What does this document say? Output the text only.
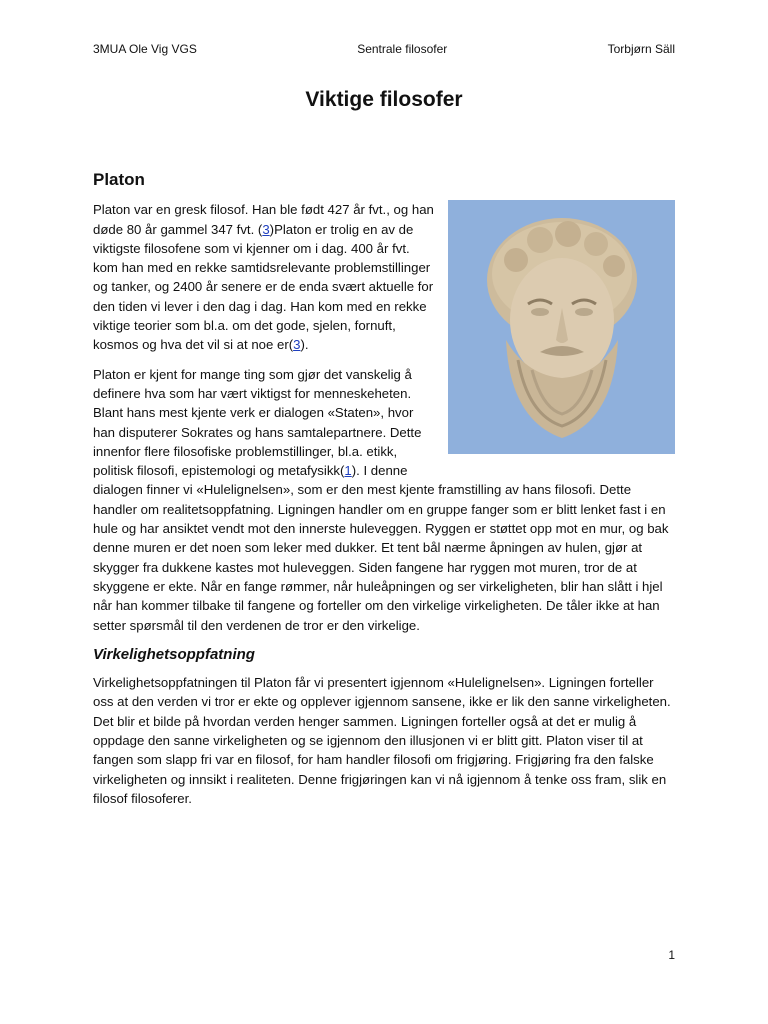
3MUA Ole Vig VGS	Sentrale filosofer	Torbjørn Säll
Viktige filosofer
Platon

Platon var en gresk filosof. Han ble født 427 år fvt., og han døde 80 år gammel 347 fvt. (3)Platon er trolig en av de viktigste filosofene som vi kjenner om i dag. 400 år fvt. kom han med en rekke samtidsrelevante problemstillinger og tanker, og 2400 år senere er de enda svært aktuelle for den tiden vi lever i den dag i dag. Han kom med en rekke viktige teorier som bl.a. om det gode, sjelen, fornuft, kosmos og hva det vil si at noe er(3).

Platon er kjent for mange ting som gjør det vanskelig å definere hva som har vært viktigst for menneskeheten. Blant hans mest kjente verk er dialogen «Staten», hvor han disputerer Sokrates og hans samtalepartnere. Dette innenfor flere filosofiske problemstillinger, bl.a. etikk, politisk filosofi, epistemologi og metafysikk(1). I denne dialogen finner vi «Hulelignelsen», som er den mest kjente framstilling av hans filosofi. Dette handler om realitetsoppfatning. Ligningen handler om en gruppe fanger som er blitt lenket fast i en hule og har ansiktet vendt mot den innerste huleveggen. Ryggen er støttet opp mot en mur, og bak denne muren er det noen som leker med dukker. Et tent bål nærme åpningen av hulen, gjør at skygger fra dukkene kastes mot huleveggen. Siden fangene har ryggen mot muren, tror de at skyggene er ekte. Når en fange rømmer, når huleåpningen og ser virkeligheten, blir han slått i hjel når han kommer tilbake til fangene og forteller om den virkelige virkeligheten. De tåler ikke at han setter spørsmål til den verdenen de tror er den virkelige.

Virkelighetsoppfatning

Virkelighetsoppfatningen til Platon får vi presentert igjennom «Hulelignelsen». Ligningen forteller oss at den verden vi tror er ekte og opplever igjennom sansene, ikke er lik den sanne virkeligheten. Det blir et bilde på hvordan verden henger sammen. Ligningen forteller også at det er mulig å oppdage den sanne virkeligheten og se igjennom den illusjonen vi er blitt gitt. Platon viser til at fangen som slapp fri var en filosof, for ham handler filosofi om frigjøring. Frigjøring fra den falske virkeligheten og innsikt i realiteten. Denne frigjøringen kan vi nå igjennom å tenke oss fram, slik en filosof filosoferer.

1
